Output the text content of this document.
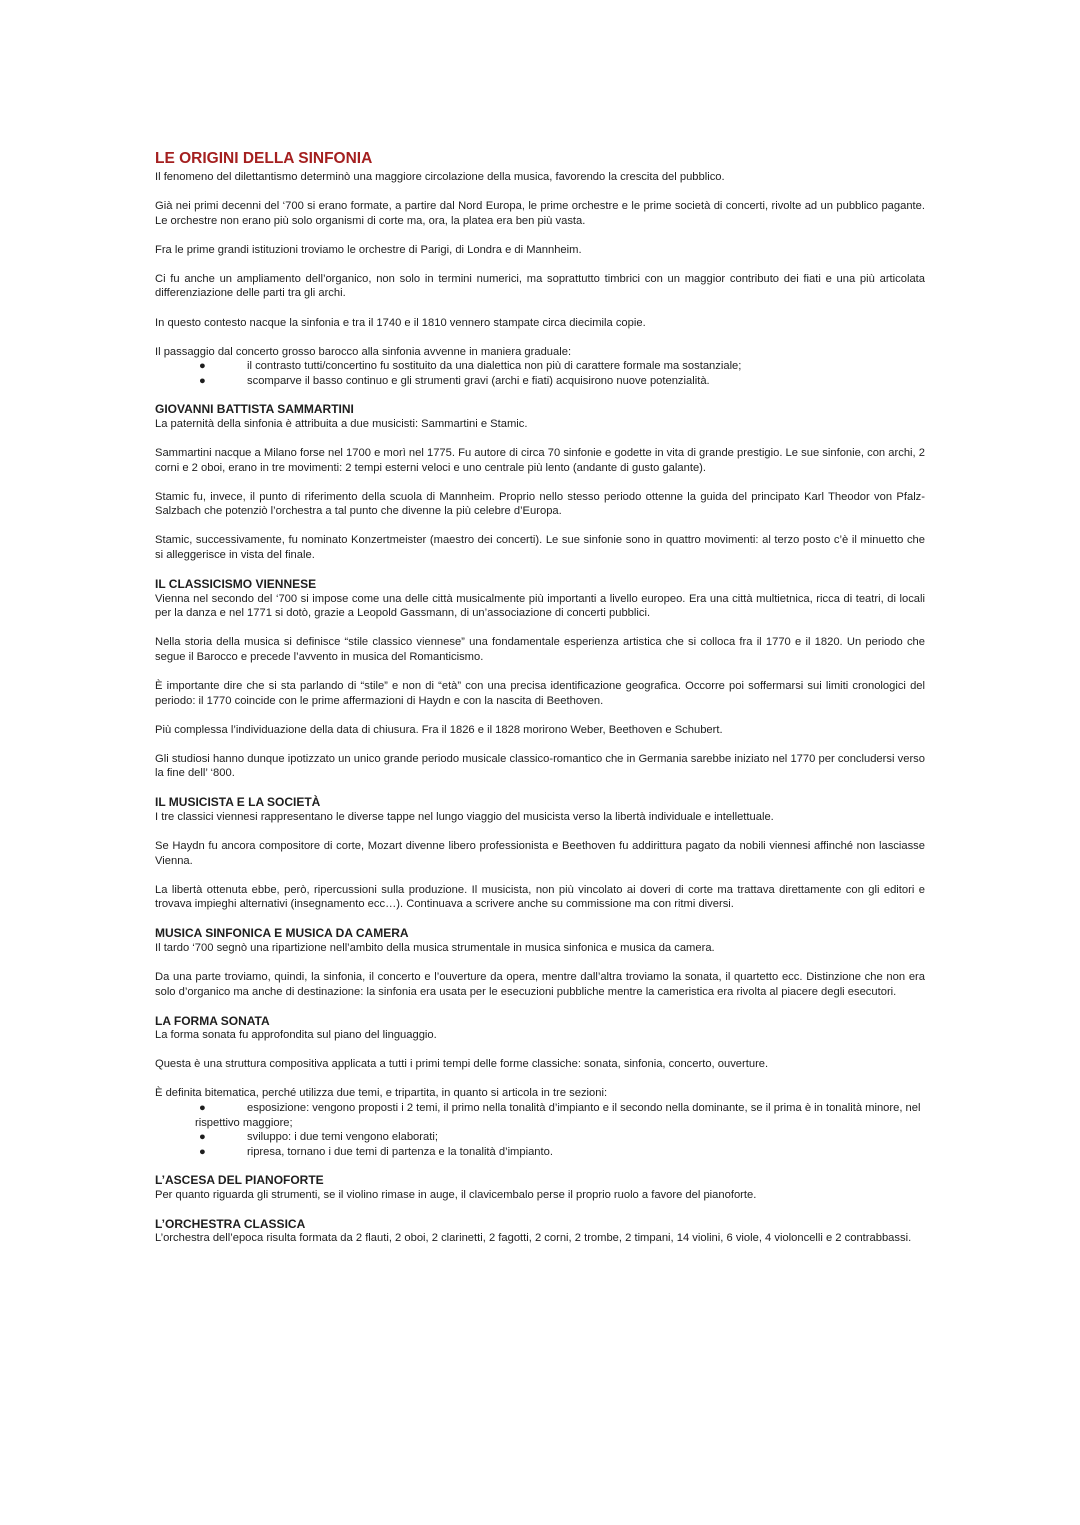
LE ORIGINI DELLA SINFONIA

Il fenomeno del dilettantismo determinò una maggiore circolazione della musica, favorendo la crescita del pubblico.

Già nei primi decenni del ‘700 si erano formate, a partire dal Nord Europa, le prime orchestre e le prime società di concerti, rivolte ad un pubblico pagante. Le orchestre non erano più solo organismi di corte ma, ora, la platea era ben più vasta.

Fra le prime grandi istituzioni troviamo le orchestre di Parigi, di Londra e di Mannheim.

Ci fu anche un ampliamento dell’organico, non solo in termini numerici, ma soprattutto timbrici con un maggior contributo dei fiati e una più articolata differenziazione delle parti tra gli archi.

In questo contesto nacque la sinfonia e tra il 1740 e il 1810 vennero stampate circa diecimila copie.

Il passaggio dal concerto grosso barocco alla sinfonia avvenne in maniera graduale:

●	il contrasto tutti/concertino fu sostituito da una dialettica non più di carattere formale ma sostanziale;
●	scomparve il basso continuo e gli strumenti gravi (archi e fiati) acquisirono nuove potenzialità.
GIOVANNI BATTISTA SAMMARTINI

La paternità della sinfonia è attribuita a due musicisti: Sammartini e Stamic.

Sammartini nacque a Milano forse nel 1700 e morì nel 1775. Fu autore di circa 70 sinfonie e godette in vita di grande prestigio. Le sue sinfonie, con archi, 2 corni e 2 oboi, erano in tre movimenti: 2 tempi esterni veloci e uno centrale più lento (andante di gusto galante).

Stamic fu, invece, il punto di riferimento della scuola di Mannheim. Proprio nello stesso periodo ottenne la guida del principato Karl Theodor von Pfalz-Salzbach che potenziò l’orchestra a tal punto che divenne la più celebre d’Europa.

Stamic, successivamente, fu nominato Konzertmeister (maestro dei concerti). Le sue sinfonie sono in quattro movimenti: al terzo posto c’è il minuetto che si alleggerisce in vista del finale.

IL CLASSICISMO VIENNESE

Vienna nel secondo del ‘700 si impose come una delle città musicalmente più importanti a livello europeo. Era una città multietnica, ricca di teatri, di locali per la danza e nel 1771 si dotò, grazie a Leopold Gassmann, di un’associazione di concerti pubblici.

Nella storia della musica si definisce “stile classico viennese” una fondamentale esperienza artistica che si colloca fra il 1770 e il 1820. Un periodo che segue il Barocco e precede l’avvento in musica del Romanticismo.

È importante dire che si sta parlando di “stile” e non di “età” con una precisa identificazione geografica. Occorre poi soffermarsi sui limiti cronologici del periodo: il 1770 coincide con le prime affermazioni di Haydn e con la nascita di Beethoven.

Più complessa l’individuazione della data di chiusura. Fra il 1826 e il 1828 morirono Weber, Beethoven e Schubert.

Gli studiosi hanno dunque ipotizzato un unico grande periodo musicale classico-romantico che in Germania sarebbe iniziato nel 1770 per concludersi verso la fine dell’ ‘800.

IL MUSICISTA E LA SOCIETÀ

I tre classici viennesi rappresentano le diverse tappe nel lungo viaggio del musicista verso la libertà individuale e intellettuale.

Se Haydn fu ancora compositore di corte, Mozart divenne libero professionista e Beethoven fu addirittura pagato da nobili viennesi affinché non lasciasse Vienna.

La libertà ottenuta ebbe, però, ripercussioni sulla produzione. Il musicista, non più vincolato ai doveri di corte ma trattava direttamente con gli editori e trovava impieghi alternativi (insegnamento ecc…). Continuava a scrivere anche su commissione ma con ritmi diversi.

MUSICA SINFONICA E MUSICA DA CAMERA

Il tardo ‘700 segnò una ripartizione nell’ambito della musica strumentale in musica sinfonica e musica da camera.

Da una parte troviamo, quindi, la sinfonia, il concerto e l’ouverture da opera, mentre dall’altra troviamo la sonata, il quartetto ecc. Distinzione che non era solo d’organico ma anche di destinazione: la sinfonia era usata per le esecuzioni pubbliche mentre la cameristica era rivolta al piacere degli esecutori.

LA FORMA SONATA

La forma sonata fu approfondita sul piano del linguaggio.

Questa è una struttura compositiva applicata a tutti i primi tempi delle forme classiche: sonata, sinfonia, concerto, ouverture.

È definita bitematica, perché utilizza due temi, e tripartita, in quanto si articola in tre sezioni:

●	esposizione: vengono proposti i 2 temi, il primo nella tonalità d’impianto e il secondo nella dominante, se il prima è in tonalità minore, nel rispettivo maggiore;
●	sviluppo: i due temi vengono elaborati;
●	ripresa, tornano i due temi di partenza e la tonalità d’impianto.
L’ASCESA DEL PIANOFORTE

Per quanto riguarda gli strumenti, se il violino rimase in auge, il clavicembalo perse il proprio ruolo a favore del pianoforte.

L’ORCHESTRA CLASSICA

L’orchestra dell’epoca risulta formata da 2 flauti, 2 oboi, 2 clarinetti, 2 fagotti, 2 corni, 2 trombe, 2 timpani, 14 violini, 6 viole, 4 violoncelli e 2 contrabbassi.
